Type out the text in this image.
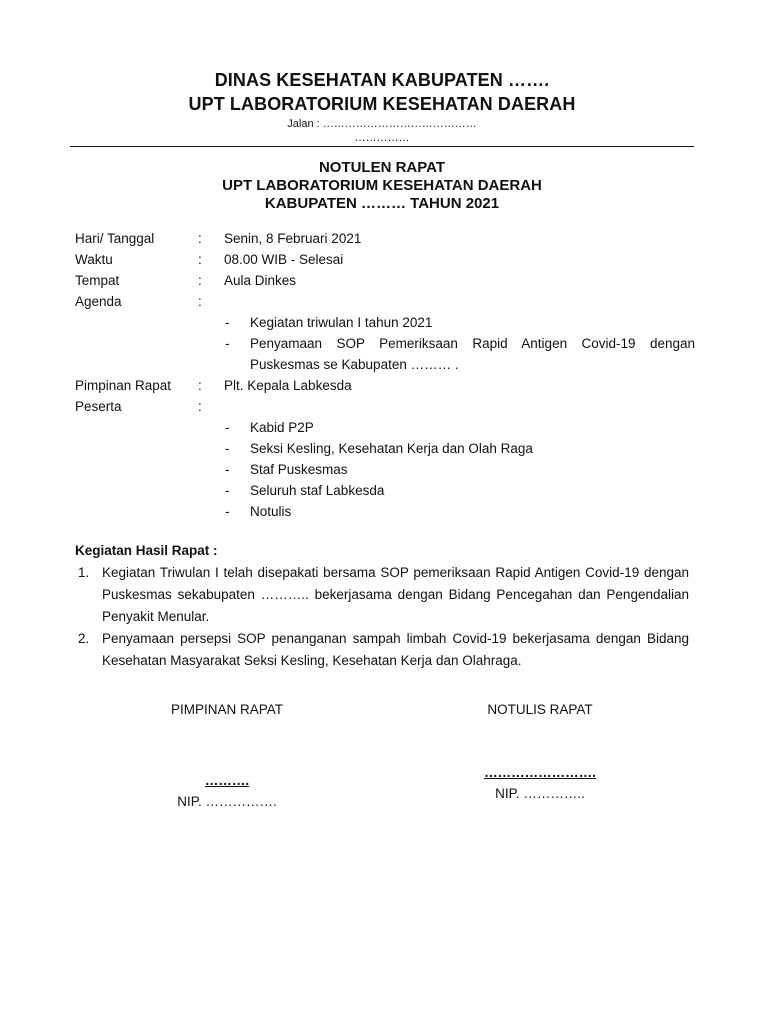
DINAS KESEHATAN KABUPATEN …….
UPT LABORATORIUM KESEHATAN DAERAH
Jalan : ……………………………………
……………
NOTULEN RAPAT
UPT LABORATORIUM KESEHATAN DAERAH
KABUPATEN ……… TAHUN 2021
Hari/ Tanggal	: Senin, 8 Februari 2021
Waktu	: 08.00 WIB - Selesai
Tempat	: Aula Dinkes
Agenda	:
- Kegiatan triwulan I tahun 2021
- Penyamaan SOP Pemeriksaan Rapid Antigen Covid-19 dengan Puskesmas se Kabupaten ……… .
Pimpinan Rapat : Plt. Kepala Labkesda
Peserta	:
- Kabid P2P
- Seksi Kesling, Kesehatan Kerja dan Olah Raga
- Staf Puskesmas
- Seluruh staf Labkesda
- Notulis
Kegiatan Hasil Rapat :
1. Kegiatan Triwulan I telah disepakati bersama SOP pemeriksaan Rapid Antigen Covid-19 dengan Puskesmas sekabupaten ……….. bekerjasama dengan Bidang Pencegahan dan Pengendalian Penyakit Menular.
2. Penyamaan persepsi SOP penanganan sampah limbah Covid-19 bekerjasama dengan Bidang Kesehatan Masyarakat Seksi Kesling, Kesehatan Kerja dan Olahraga.
PIMPINAN RAPAT
……….
NIP. …………….
NOTULIS RAPAT
…………………….
NIP. …………..
